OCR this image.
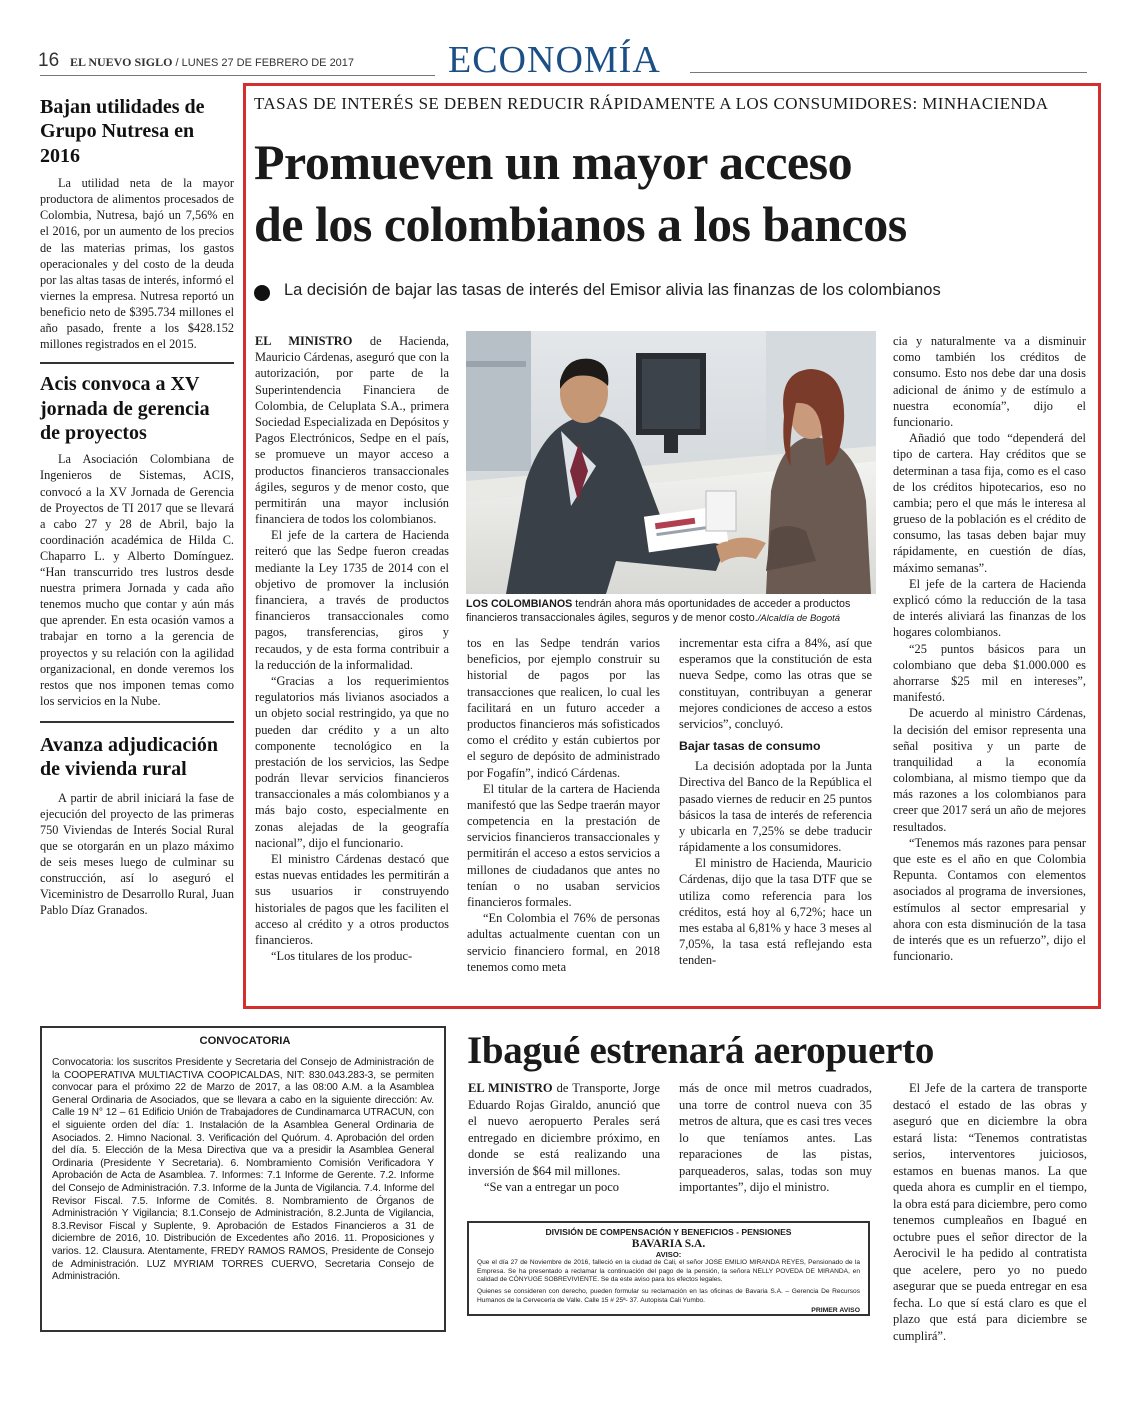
16 EL NUEVO SIGLO / LUNES 27 DE FEBRERO DE 2017 ECONOMÍA
Bajan utilidades de Grupo Nutresa en 2016

La utilidad neta de la mayor productora de alimentos procesados de Colombia, Nutresa, bajó un 7,56% en el 2016, por un aumento de los precios de las materias primas, los gastos operacionales y del costo de la deuda por las altas tasas de interés, informó el viernes la empresa. Nutresa reportó un beneficio neto de $395.734 millones el año pasado, frente a los $428.152 millones registrados en el 2015.

Acis convoca a XV jornada de gerencia de proyectos

La Asociación Colombiana de Ingenieros de Sistemas, ACIS, convocó a la XV Jornada de Gerencia de Proyectos de TI 2017 que se llevará a cabo 27 y 28 de Abril, bajo la coordinación académica de Hilda C. Chaparro L. y Alberto Domínguez. “Han transcurrido tres lustros desde nuestra primera Jornada y cada año tenemos mucho que contar y aún más que aprender. En esta ocasión vamos a trabajar en torno a la gerencia de proyectos y su relación con la agilidad organizacional, en donde veremos los restos que nos imponen temas como los servicios en la Nube.

Avanza adjudicación de vivienda rural

A partir de abril iniciará la fase de ejecución del proyecto de las primeras 750 Viviendas de Interés Social Rural que se otorgarán en un plazo máximo de seis meses luego de culminar su construcción, así lo aseguró el Viceministro de Desarrollo Rural, Juan Pablo Díaz Granados.

TASAS DE INTERÉS SE DEBEN REDUCIR RÁPIDAMENTE A LOS CONSUMIDORES: MINHACIENDA
Promueven un mayor acceso
de los colombianos a los bancos
La decisión de bajar las tasas de interés del Emisor alivia las finanzas de los colombianos

EL MINISTRO de Hacienda, Mauricio Cárdenas, aseguró que con la autorización, por parte de la Superintendencia Financiera de Colombia, de Celuplata S.A., primera Sociedad Especializada en Depósitos y Pagos Electrónicos, Sedpe en el país, se promueve un mayor acceso a productos financieros transaccionales ágiles, seguros y de menor costo, que permitirán una mayor inclusión financiera de todos los colombianos.

El jefe de la cartera de Hacienda reiteró que las Sedpe fueron creadas mediante la Ley 1735 de 2014 con el objetivo de promover la inclusión financiera, a través de productos financieros transaccionales como pagos, transferencias, giros y recaudos, y de esta forma contribuir a la reducción de la informalidad.

“Gracias a los requerimientos regulatorios más livianos asociados a un objeto social restringido, ya que no pueden dar crédito y a un alto componente tecnológico en la prestación de los servicios, las Sedpe podrán llevar servicios financieros transaccionales a más colombianos y a más bajo costo, especialmente en zonas alejadas de la geografía nacional”, dijo el funcionario.

El ministro Cárdenas destacó que estas nuevas entidades les permitirán a sus usuarios ir construyendo historiales de pagos que les faciliten el acceso al crédito y a otros productos financieros.

“Los titulares de los produc-

LOS COLOMBIANOS tendrán ahora más oportunidades de acceder a productos financieros transaccionales ágiles, seguros y de menor costo./Alcaldía de Bogotá

tos en las Sedpe tendrán varios beneficios, por ejemplo construir su historial de pagos por las transacciones que realicen, lo cual les facilitará en un futuro acceder a productos financieros más sofisticados como el crédito y están cubiertos por el seguro de depósito de administrado por Fogafín”, indicó Cárdenas.

El titular de la cartera de Hacienda manifestó que las Sedpe traerán mayor competencia en la prestación de servicios financieros transaccionales y permitirán el acceso a estos servicios a millones de ciudadanos que antes no tenían o no usaban servicios financieros formales.

“En Colombia el 76% de personas adultas actualmente cuentan con un servicio financiero formal, en 2018 tenemos como meta

incrementar esta cifra a 84%, así que esperamos que la constitución de esta nueva Sedpe, como las otras que se constituyan, contribuyan a generar mejores condiciones de acceso a estos servicios”, concluyó.

Bajar tasas de consumo

La decisión adoptada por la Junta Directiva del Banco de la República el pasado viernes de reducir en 25 puntos básicos la tasa de interés de referencia y ubicarla en 7,25% se debe traducir rápidamente a los consumidores.

El ministro de Hacienda, Mauricio Cárdenas, dijo que la tasa DTF que se utiliza como referencia para los créditos, está hoy al 6,72%; hace un mes estaba al 6,81% y hace 3 meses al 7,05%, la tasa está reflejando esta tenden-

cia y naturalmente va a disminuir como también los créditos de consumo. Esto nos debe dar una dosis adicional de ánimo y de estímulo a nuestra economía”, dijo el funcionario.

Añadió que todo “dependerá del tipo de cartera. Hay créditos que se determinan a tasa fija, como es el caso de los créditos hipotecarios, eso no cambia; pero el que más le interesa al grueso de la población es el crédito de consumo, las tasas deben bajar muy rápidamente, en cuestión de días, máximo semanas”.

El jefe de la cartera de Hacienda explicó cómo la reducción de la tasa de interés aliviará las finanzas de los hogares colombianos.

“25 puntos básicos para un colombiano que deba $1.000.000 es ahorrarse $25 mil en intereses”, manifestó.

De acuerdo al ministro Cárdenas, la decisión del emisor representa una señal positiva y un parte de tranquilidad a la economía colombiana, al mismo tiempo que da más razones a los colombianos para creer que 2017 será un año de mejores resultados.

“Tenemos más razones para pensar que este es el año en que Colombia Repunta. Contamos con elementos asociados al programa de inversiones, estímulos al sector empresarial y ahora con esta disminución de la tasa de interés que es un refuerzo”, dijo el funcionario.

CONVOCATORIA
Convocatoria: los suscritos Presidente y Secretaria del Consejo de Administración de la COOPERATIVA MULTIACTIVA COOPICALDAS, NIT: 830.043.283-3, se permiten convocar para el próximo 22 de Marzo de 2017, a las 08:00 A.M. a la Asamblea General Ordinaria de Asociados, que se llevara a cabo en la siguiente dirección: Av. Calle 19 N° 12 – 61 Edificio Unión de Trabajadores de Cundinamarca UTRACUN, con el siguiente orden del día: 1. Instalación de la Asamblea General Ordinaria de Asociados. 2. Himno Nacional. 3. Verificación del Quórum. 4. Aprobación del orden del día. 5. Elección de la Mesa Directiva que va a presidir la Asamblea General Ordinaria (Presidente Y Secretaria). 6. Nombramiento Comisión Verificadora Y Aprobación de Acta de Asamblea. 7. Informes: 7.1 Informe de Gerente. 7.2. Informe del Consejo de Administración. 7.3. Informe de la Junta de Vigilancia. 7.4. Informe del Revisor Fiscal. 7.5. Informe de Comités. 8. Nombramiento de Órganos de Administración Y Vigilancia; 8.1.Consejo de Administración, 8.2.Junta de Vigilancia, 8.3.Revisor Fiscal y Suplente, 9. Aprobación de Estados Financieros a 31 de diciembre de 2016, 10. Distribución de Excedentes año 2016. 11. Proposiciones y varios. 12. Clausura. Atentamente, FREDY RAMOS RAMOS, Presidente de Consejo de Administración. LUZ MYRIAM TORRES CUERVO, Secretaria Consejo de Administración.
Ibagué estrenará aeropuerto

EL MINISTRO de Transporte, Jorge Eduardo Rojas Giraldo, anunció que el nuevo aeropuerto Perales será entregado en diciembre próximo, en donde se está realizando una inversión de $64 mil millones.

“Se van a entregar un poco

más de once mil metros cuadrados, una torre de control nueva con 35 metros de altura, que es casi tres veces lo que teníamos antes. Las reparaciones de las pistas, parqueaderos, salas, todas son muy importantes”, dijo el ministro.

El Jefe de la cartera de transporte destacó el estado de las obras y aseguró que en diciembre la obra estará lista: “Tenemos contratistas serios, interventores juiciosos, estamos en buenas manos. La que queda ahora es cumplir en el tiempo, la obra está para diciembre, pero como tenemos cumpleaños en Ibagué en octubre pues el señor director de la Aerocivil le ha pedido al contratista que acelere, pero yo no puedo asegurar que se pueda entregar en esa fecha. Lo que sí está claro es que el plazo que está para diciembre se cumplirá”.

DIVISIÓN DE COMPENSACIÓN Y BENEFICIOS - PENSIONES
BAVARIA S.A.
AVISO:
Que el día 27 de Noviembre de 2016, falleció en la ciudad de Cali, el señor JOSE EMILIO MIRANDA REYES, Pensionado de la Empresa. Se ha presentado a reclamar la continuación del pago de la pensión, la señora NELLY POVEDA DE MIRANDA, en calidad de CÓNYUGE SOBREVIVIENTE. Se da este aviso para los efectos legales.
Quienes se consideren con derecho, pueden formular su reclamación en las oficinas de Bavaria S.A. – Gerencia De Recursos Humanos de la Cervecería de Valle. Calle 15 # 25ª- 37. Autopista Cali Yumbo.
PRIMER AVISO
